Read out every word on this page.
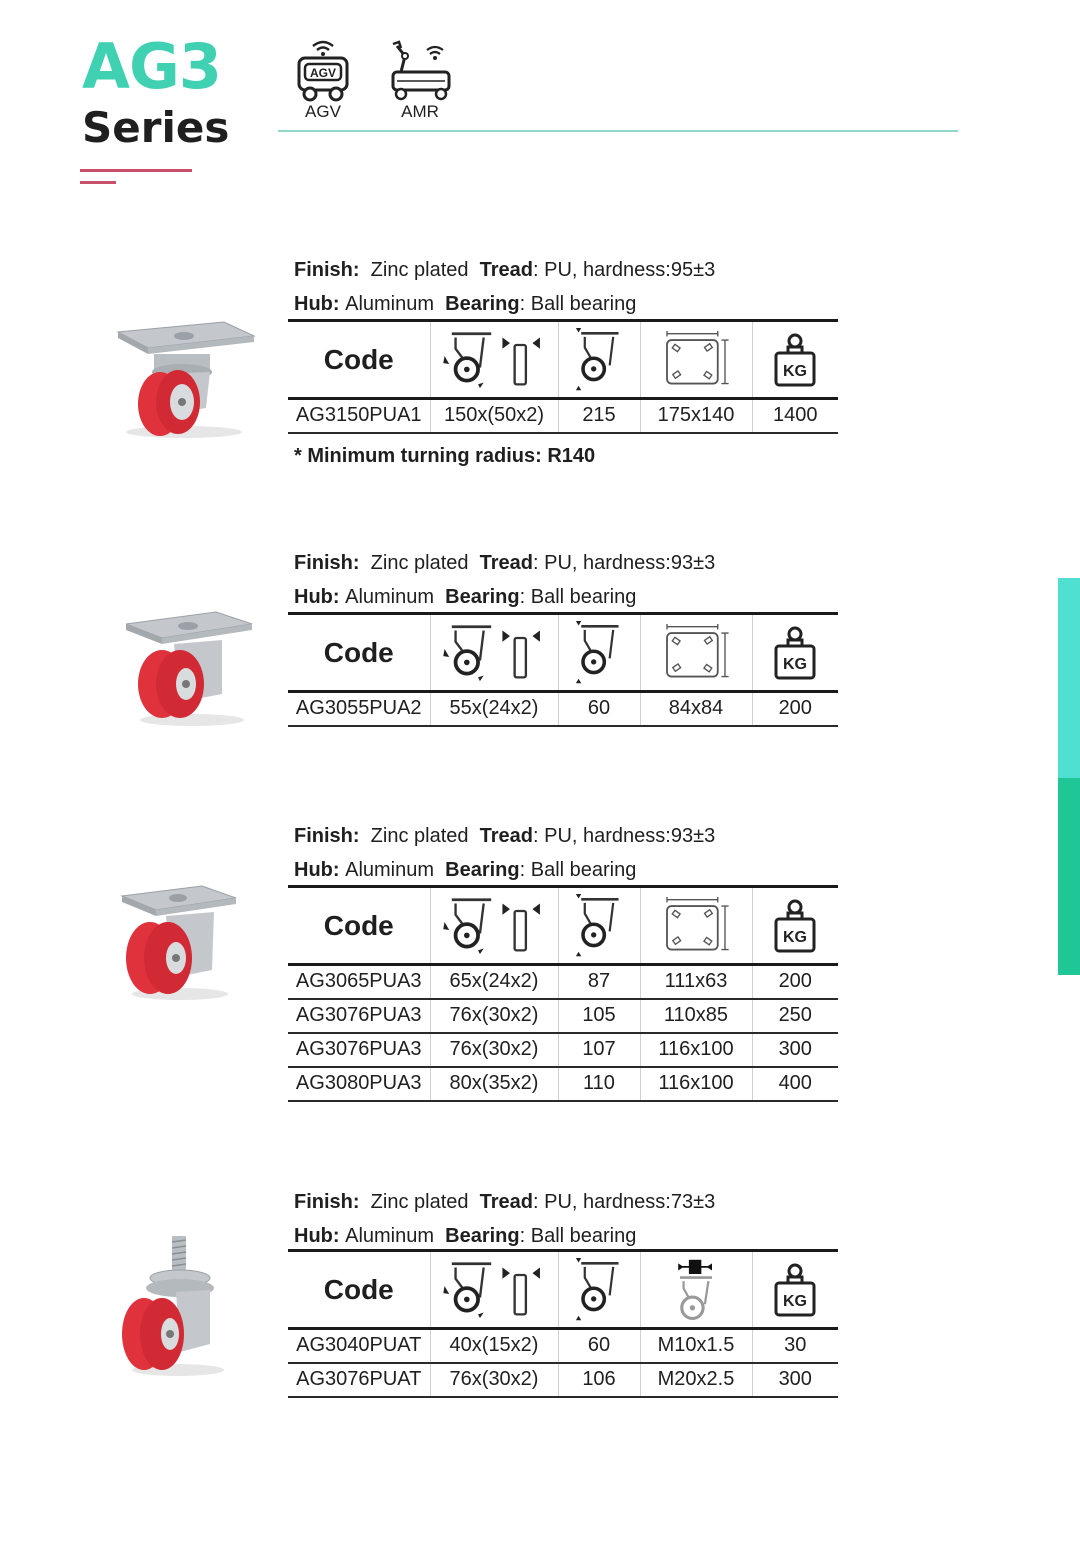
AG3
Series
AGV
AGV	AMR
Finish: Zinc plated Tread: PU, hardness:95±3
Hub: Aluminum Bearing: Ball bearing
Code				KG

AG3150PUA1	150x(50x2)	215	175x140	1400
* Minimum turning radius: R140
Finish: Zinc plated Tread: PU, hardness:93±3
Hub: Aluminum Bearing: Ball bearing
Code				KG

AG3055PUA2	55x(24x2)	60	84x84	200
Finish: Zinc plated Tread: PU, hardness:93±3
Hub: Aluminum Bearing: Ball bearing
Code				KG

AG3065PUA3	65x(24x2)	87	111x63	200
AG3076PUA3	76x(30x2)	105	110x85	250
AG3076PUA3	76x(30x2)	107	116x100	300
AG3080PUA3	80x(35x2)	110	116x100	400
Finish: Zinc plated Tread: PU, hardness:73±3
Hub: Aluminum Bearing: Ball bearing
Code				KG

AG3040PUAT	40x(15x2)	60	M10x1.5	30
AG3076PUAT	76x(30x2)	106	M20x2.5	300
